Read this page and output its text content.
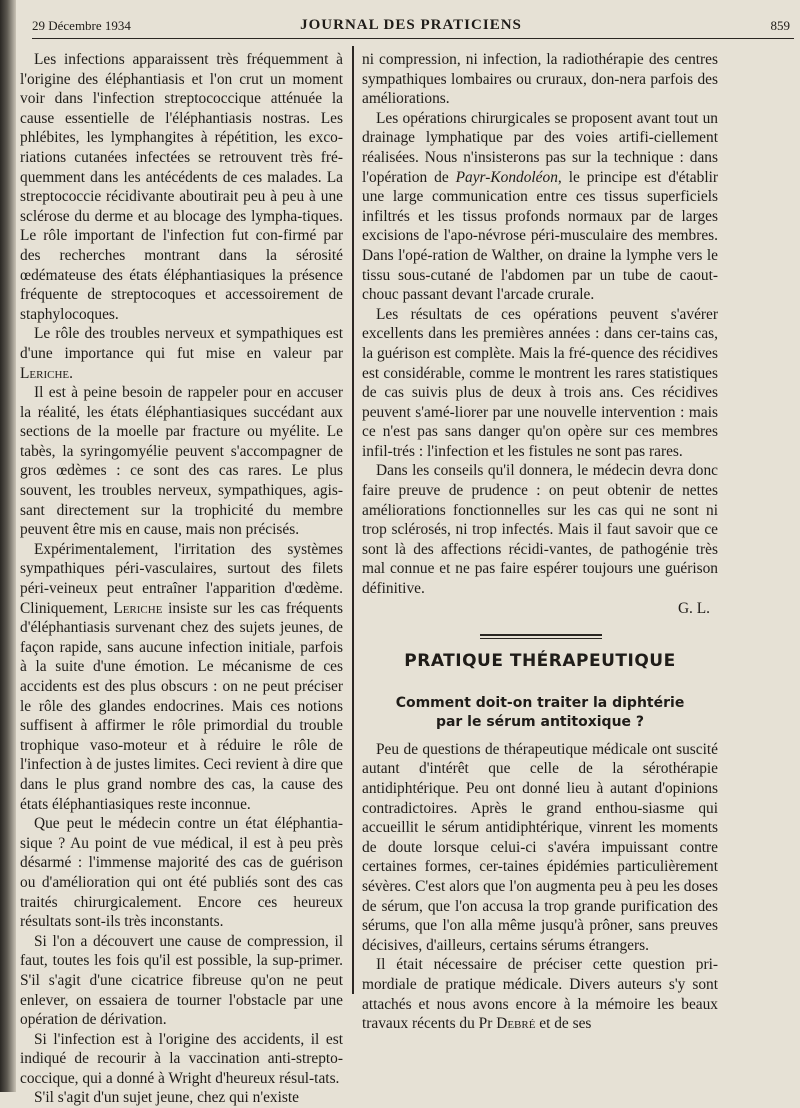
29 Décembre 1934	JOURNAL DES PRATICIENS	859

Les infections apparaissent très fréquemment à l'origine des éléphantiasis et l'on crut un moment voir dans l'infection streptococcique atténuée la cause essentielle de l'éléphantiasis nostras. Les phlébites, les lymphangites à répétition, les exco-riations cutanées infectées se retrouvent très fré-quemment dans les antécédents de ces malades. La streptococcie récidivante aboutirait peu à peu à une sclérose du derme et au blocage des lympha-tiques. Le rôle important de l'infection fut con-firmé par des recherches montrant dans la sérosité œdémateuse des états éléphantiasiques la présence fréquente de streptocoques et accessoirement de staphylocoques.

Le rôle des troubles nerveux et sympathiques est d'une importance qui fut mise en valeur par Leriche.

Il est à peine besoin de rappeler pour en accuser la réalité, les états éléphantiasiques succédant aux sections de la moelle par fracture ou myélite. Le tabès, la syringomyélie peuvent s'accompagner de gros œdèmes : ce sont des cas rares. Le plus souvent, les troubles nerveux, sympathiques, agis-sant directement sur la trophicité du membre peuvent être mis en cause, mais non précisés.

Expérimentalement, l'irritation des systèmes sympathiques péri-vasculaires, surtout des filets péri-veineux peut entraîner l'apparition d'œdème. Cliniquement, Leriche insiste sur les cas fréquents d'éléphantiasis survenant chez des sujets jeunes, de façon rapide, sans aucune infection initiale, parfois à la suite d'une émotion. Le mécanisme de ces accidents est des plus obscurs : on ne peut préciser le rôle des glandes endocrines. Mais ces notions suffisent à affirmer le rôle primordial du trouble trophique vaso-moteur et à réduire le rôle de l'infection à de justes limites. Ceci revient à dire que dans le plus grand nombre des cas, la cause des états éléphantiasiques reste inconnue.

Que peut le médecin contre un état éléphantia-sique ? Au point de vue médical, il est à peu près désarmé : l'immense majorité des cas de guérison ou d'amélioration qui ont été publiés sont des cas traités chirurgicalement. Encore ces heureux résultats sont-ils très inconstants.

Si l'on a découvert une cause de compression, il faut, toutes les fois qu'il est possible, la sup-primer. S'il s'agit d'une cicatrice fibreuse qu'on ne peut enlever, on essaiera de tourner l'obstacle par une opération de dérivation.

Si l'infection est à l'origine des accidents, il est indiqué de recourir à la vaccination anti-strepto-coccique, qui a donné à Wright d'heureux résul-tats.

S'il s'agit d'un sujet jeune, chez qui n'existe

ni compression, ni infection, la radiothérapie des centres sympathiques lombaires ou cruraux, don-nera parfois des améliorations.

Les opérations chirurgicales se proposent avant tout un drainage lymphatique par des voies artifi-ciellement réalisées. Nous n'insisterons pas sur la technique : dans l'opération de Payr-Kondoléon, le principe est d'établir une large communication entre ces tissus superficiels infiltrés et les tissus profonds normaux par de larges excisions de l'apo-névrose péri-musculaire des membres. Dans l'opé-ration de Walther, on draine la lymphe vers le tissu sous-cutané de l'abdomen par un tube de caout-chouc passant devant l'arcade crurale.

Les résultats de ces opérations peuvent s'avérer excellents dans les premières années : dans cer-tains cas, la guérison est complète. Mais la fré-quence des récidives est considérable, comme le montrent les rares statistiques de cas suivis plus de deux à trois ans. Ces récidives peuvent s'amé-liorer par une nouvelle intervention : mais ce n'est pas sans danger qu'on opère sur ces membres infil-trés : l'infection et les fistules ne sont pas rares.

Dans les conseils qu'il donnera, le médecin devra donc faire preuve de prudence : on peut obtenir de nettes améliorations fonctionnelles sur les cas qui ne sont ni trop sclérosés, ni trop infectés. Mais il faut savoir que ce sont là des affections récidi-vantes, de pathogénie très mal connue et ne pas faire espérer toujours une guérison définitive.

G. L.

PRATIQUE THÉRAPEUTIQUE
Comment doit-on traiter la diphtérie
par le sérum antitoxique ?

Peu de questions de thérapeutique médicale ont suscité autant d'intérêt que celle de la sérothérapie antidiphtérique. Peu ont donné lieu à autant d'opinions contradictoires. Après le grand enthou-siasme qui accueillit le sérum antidiphtérique, vinrent les moments de doute lorsque celui-ci s'avéra impuissant contre certaines formes, cer-taines épidémies particulièrement sévères. C'est alors que l'on augmenta peu à peu les doses de sérum, que l'on accusa la trop grande purification des sérums, que l'on alla même jusqu'à prôner, sans preuves décisives, d'ailleurs, certains sérums étrangers.

Il était nécessaire de préciser cette question pri-mordiale de pratique médicale. Divers auteurs s'y sont attachés et nous avons encore à la mémoire les beaux travaux récents du Pr Debré et de ses
